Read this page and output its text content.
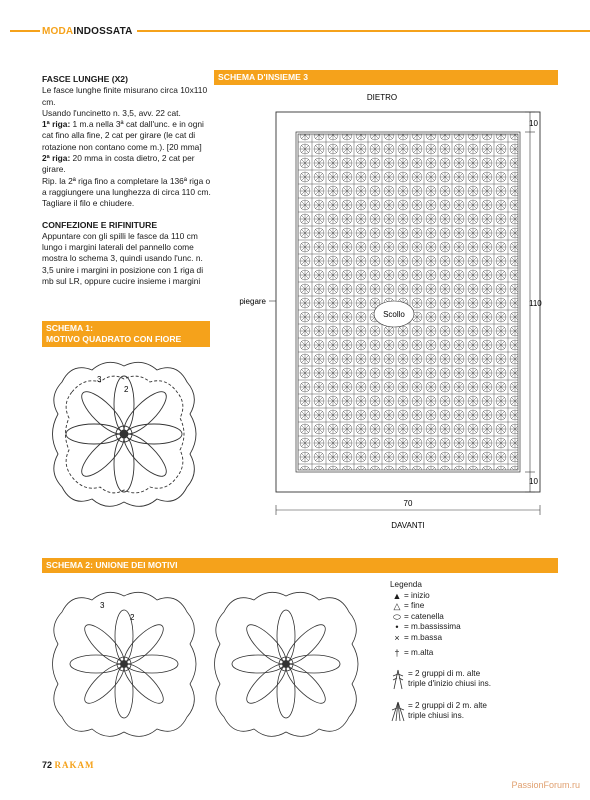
MODAINDOSSATA
FASCE LUNGHE (X2)

Le fasce lunghe finite misurano circa 10x110 cm.

Usando l'uncinetto n. 3,5, avv. 22 cat.

1ª riga: 1 m.a nella 3ª cat dall'unc. e in ogni cat fino alla fine, 2 cat per girare (le cat di rotazione non contano come m.). [20 mma]

2ª riga: 20 mma in costa dietro, 2 cat per girare.

Rip. la 2ª riga fino a completare la 136ª riga o a raggiungere una lunghezza di circa 110 cm. Tagliare il filo e chiudere.

CONFEZIONE E RIFINITURE

Appuntare con gli spilli le fasce da 110 cm lungo i margini laterali del pannello come mostra lo schema 3, quindi usando l'unc. n. 3,5 unire i margini in posizione con 1 riga di mb sul LR, oppure cucire insieme i margini

SCHEMA 1:
MOTIVO QUADRATO CON FIORE
2
3
SCHEMA D'INSIEME 3
DIETRO
Scollo
piegare
10
110
10
70
DAVANTI
SCHEMA 2: UNIONE DEI MOTIVI
2
3
Legenda
▲ = inizio
△ = fine
⬭ = catenella
• = m.bassissima
× = m.bassa
† = m.alta
= 2 gruppi di m. alte
triple d'inizio chiusi ins.
= 2 gruppi di 2 m. alte
triple chiusi ins.
72 RAKAM
PassionForum.ru
